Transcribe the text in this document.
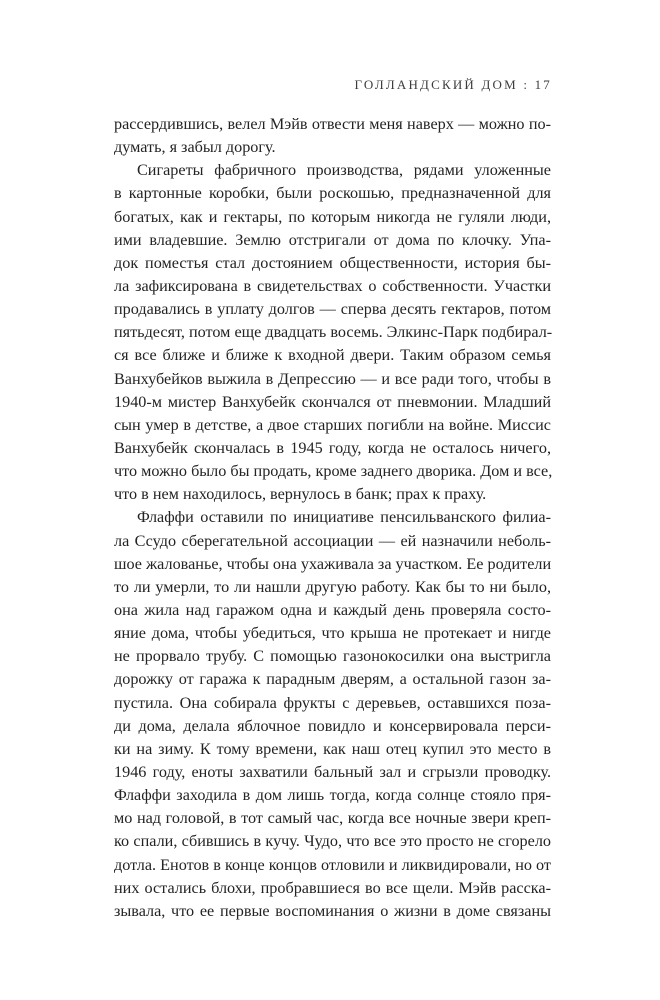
ГОЛЛАНДСКИЙ ДОМ : 17
рассердившись, велел Мэйв отвести меня наверх — можно по-
думать, я забыл дорогу.
Сигареты фабричного производства, рядами уложенные
в картонные коробки, были роскошью, предназначенной для
богатых, как и гектары, по которым никогда не гуляли люди,
ими владевшие. Землю отстригали от дома по клочку. Упа-
док поместья стал достоянием общественности, история бы-
ла зафиксирована в свидетельствах о собственности. Участки
продавались в уплату долгов — сперва десять гектаров, потом
пятьдесят, потом еще двадцать восемь. Элкинс-Парк подбирал-
ся все ближе и ближе к входной двери. Таким образом семья
Ванхубейков выжила в Депрессию — и все ради того, чтобы в
1940-м мистер Ванхубейк скончался от пневмонии. Младший
сын умер в детстве, а двое старших погибли на войне. Миссис
Ванхубейк скончалась в 1945 году, когда не осталось ничего,
что можно было бы продать, кроме заднего дворика. Дом и все,
что в нем находилось, вернулось в банк; прах к праху.
Флаффи оставили по инициативе пенсильванского филиа-
ла Ссудо сберегательной ассоциации — ей назначили неболь-
шое жалованье, чтобы она ухаживала за участком. Ее родители
то ли умерли, то ли нашли другую работу. Как бы то ни было,
она жила над гаражом одна и каждый день проверяла состо-
яние дома, чтобы убедиться, что крыша не протекает и нигде
не прорвало трубу. С помощью газонокосилки она выстригла
дорожку от гаража к парадным дверям, а остальной газон за-
пустила. Она собирала фрукты с деревьев, оставшихся поза-
ди дома, делала яблочное повидло и консервировала перси-
ки на зиму. К тому времени, как наш отец купил это место в
1946 году, еноты захватили бальный зал и сгрызли проводку.
Флаффи заходила в дом лишь тогда, когда солнце стояло пря-
мо над головой, в тот самый час, когда все ночные звери креп-
ко спали, сбившись в кучу. Чудо, что все это просто не сгорело
дотла. Енотов в конце концов отловили и ликвидировали, но от
них остались блохи, пробравшиеся во все щели. Мэйв расска-
зывала, что ее первые воспоминания о жизни в доме связаны
